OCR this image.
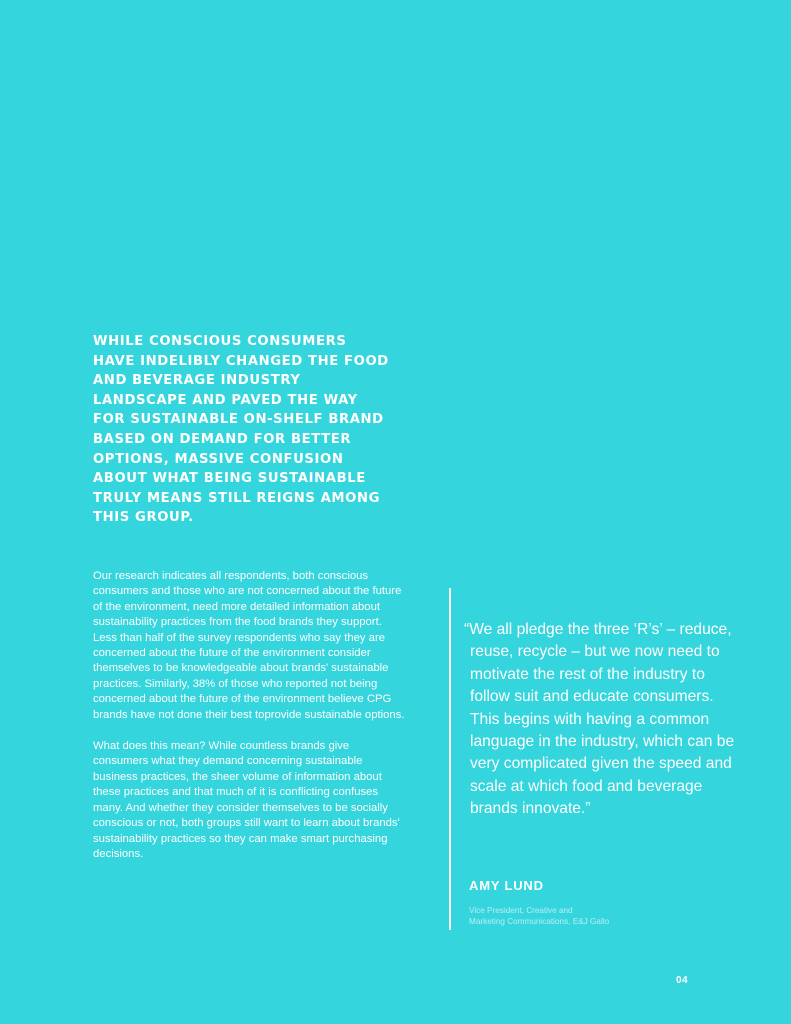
WHILE CONSCIOUS CONSUMERS HAVE INDELIBLY CHANGED THE FOOD AND BEVERAGE INDUSTRY LANDSCAPE AND PAVED THE WAY FOR SUSTAINABLE ON-SHELF BRAND BASED ON DEMAND FOR BETTER OPTIONS, MASSIVE CONFUSION ABOUT WHAT BEING SUSTAINABLE TRULY MEANS STILL REIGNS AMONG THIS GROUP.

Our research indicates all respondents, both conscious consumers and those who are not concerned about the future of the environment, need more detailed information about sustainability practices from the food brands they support. Less than half of the survey respondents who say they are concerned about the future of the environment consider themselves to be knowledgeable about brands' sustainable practices. Similarly, 38% of those who reported not being concerned about the future of the environment believe CPG brands have not done their best toprovide sustainable options.

What does this mean? While countless brands give consumers what they demand concerning sustainable business practices, the sheer volume of information about these practices and that much of it is conflicting confuses many. And whether they consider themselves to be socially conscious or not, both groups still want to learn about brands' sustainability practices so they can make smart purchasing decisions.

“We all pledge the three ‘R’s’ – reduce, reuse, recycle – but we now need to motivate the rest of the industry to follow suit and educate consumers. This begins with having a common language in the industry, which can be very complicated given the speed and scale at which food and beverage brands innovate.”

AMY LUND
Vice President, Creative and
Marketing Communications, E&J Gallo
04
